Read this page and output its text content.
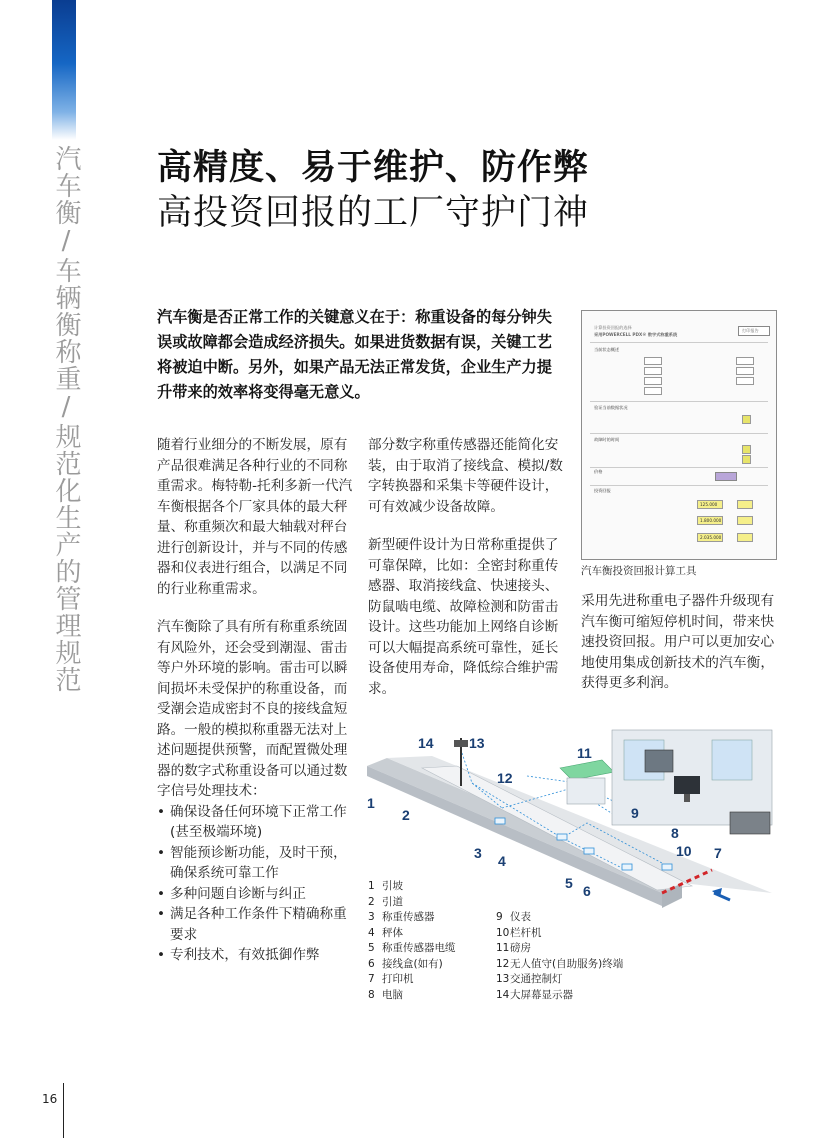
汽车衡/车辆衡称重/规范化生产的管理规范 高精度、易于维护、防作弊
高投资回报的工厂守护门神
汽车衡是否正常工作的关键意义在于：称重设备的每分钟失误或故障都会造成经济损失。如果进货数据有误，关键工艺将被迫中断。另外，如果产品无法正常发货，企业生产力提升带来的效率将变得毫无意义。

随着行业细分的不断发展，原有产品很难满足各种行业的不同称重需求。梅特勒-托利多新一代汽车衡根据各个厂家具体的最大秤量、称重频次和最大轴载对秤台进行创新设计，并与不同的传感器和仪表进行组合，以满足不同的行业称重需求。

汽车衡除了具有所有称重系统固有风险外，还会受到潮湿、雷击等户外环境的影响。雷击可以瞬间损坏未受保护的称重设备，而受潮会造成密封不良的接线盒短路。一般的模拟称重器无法对上述问题提供预警，而配置微处理器的数字式称重设备可以通过数字信号处理技术：

• 确保设备任何环境下正常工作(甚至极端环境)
• 智能预诊断功能，及时干预，确保系统可靠工作
• 多种问题自诊断与纠正
• 满足各种工作条件下精确称重要求
• 专利技术，有效抵御作弊

部分数字称重传感器还能简化安装，由于取消了接线盒、模拟/数字转换器和采集卡等硬件设计，可有效减少设备故障。

新型硬件设计为日常称重提供了可靠保障，比如：全密封称重传感器、取消接线盒、快速接头、防鼠啮电缆、故障检测和防雷击设计。这些功能加上网络自诊断可以大幅提高系统可靠性，延长设备使用寿命，降低综合维护需求。

计算投资回报的选择
采用POWERCELL PDX® 数字式称重系统
打印报告
当前状态概述
验证当前数据状况
故障时的时间
价格
投资回报
125.000
1.800.000
2.035.000
汽车衡投资回报计算工具
采用先进称重电子器件升级现有汽车衡可缩短停机时间，带来快速投资回报。用户可以更加安心地使用集成创新技术的汽车衡，获得更多利润。
1
2
3 4
5 6
7
8
9
10
11
12
13
14
1 引坡
2 引道
3 称重传感器
4 秤体
5 称重传感器电缆
6 接线盒(如有)
7 打印机
8 电脑
9 仪表
10栏杆机
11磅房
12无人值守(自助服务)终端
13交通控制灯
14大屏幕显示器
16
